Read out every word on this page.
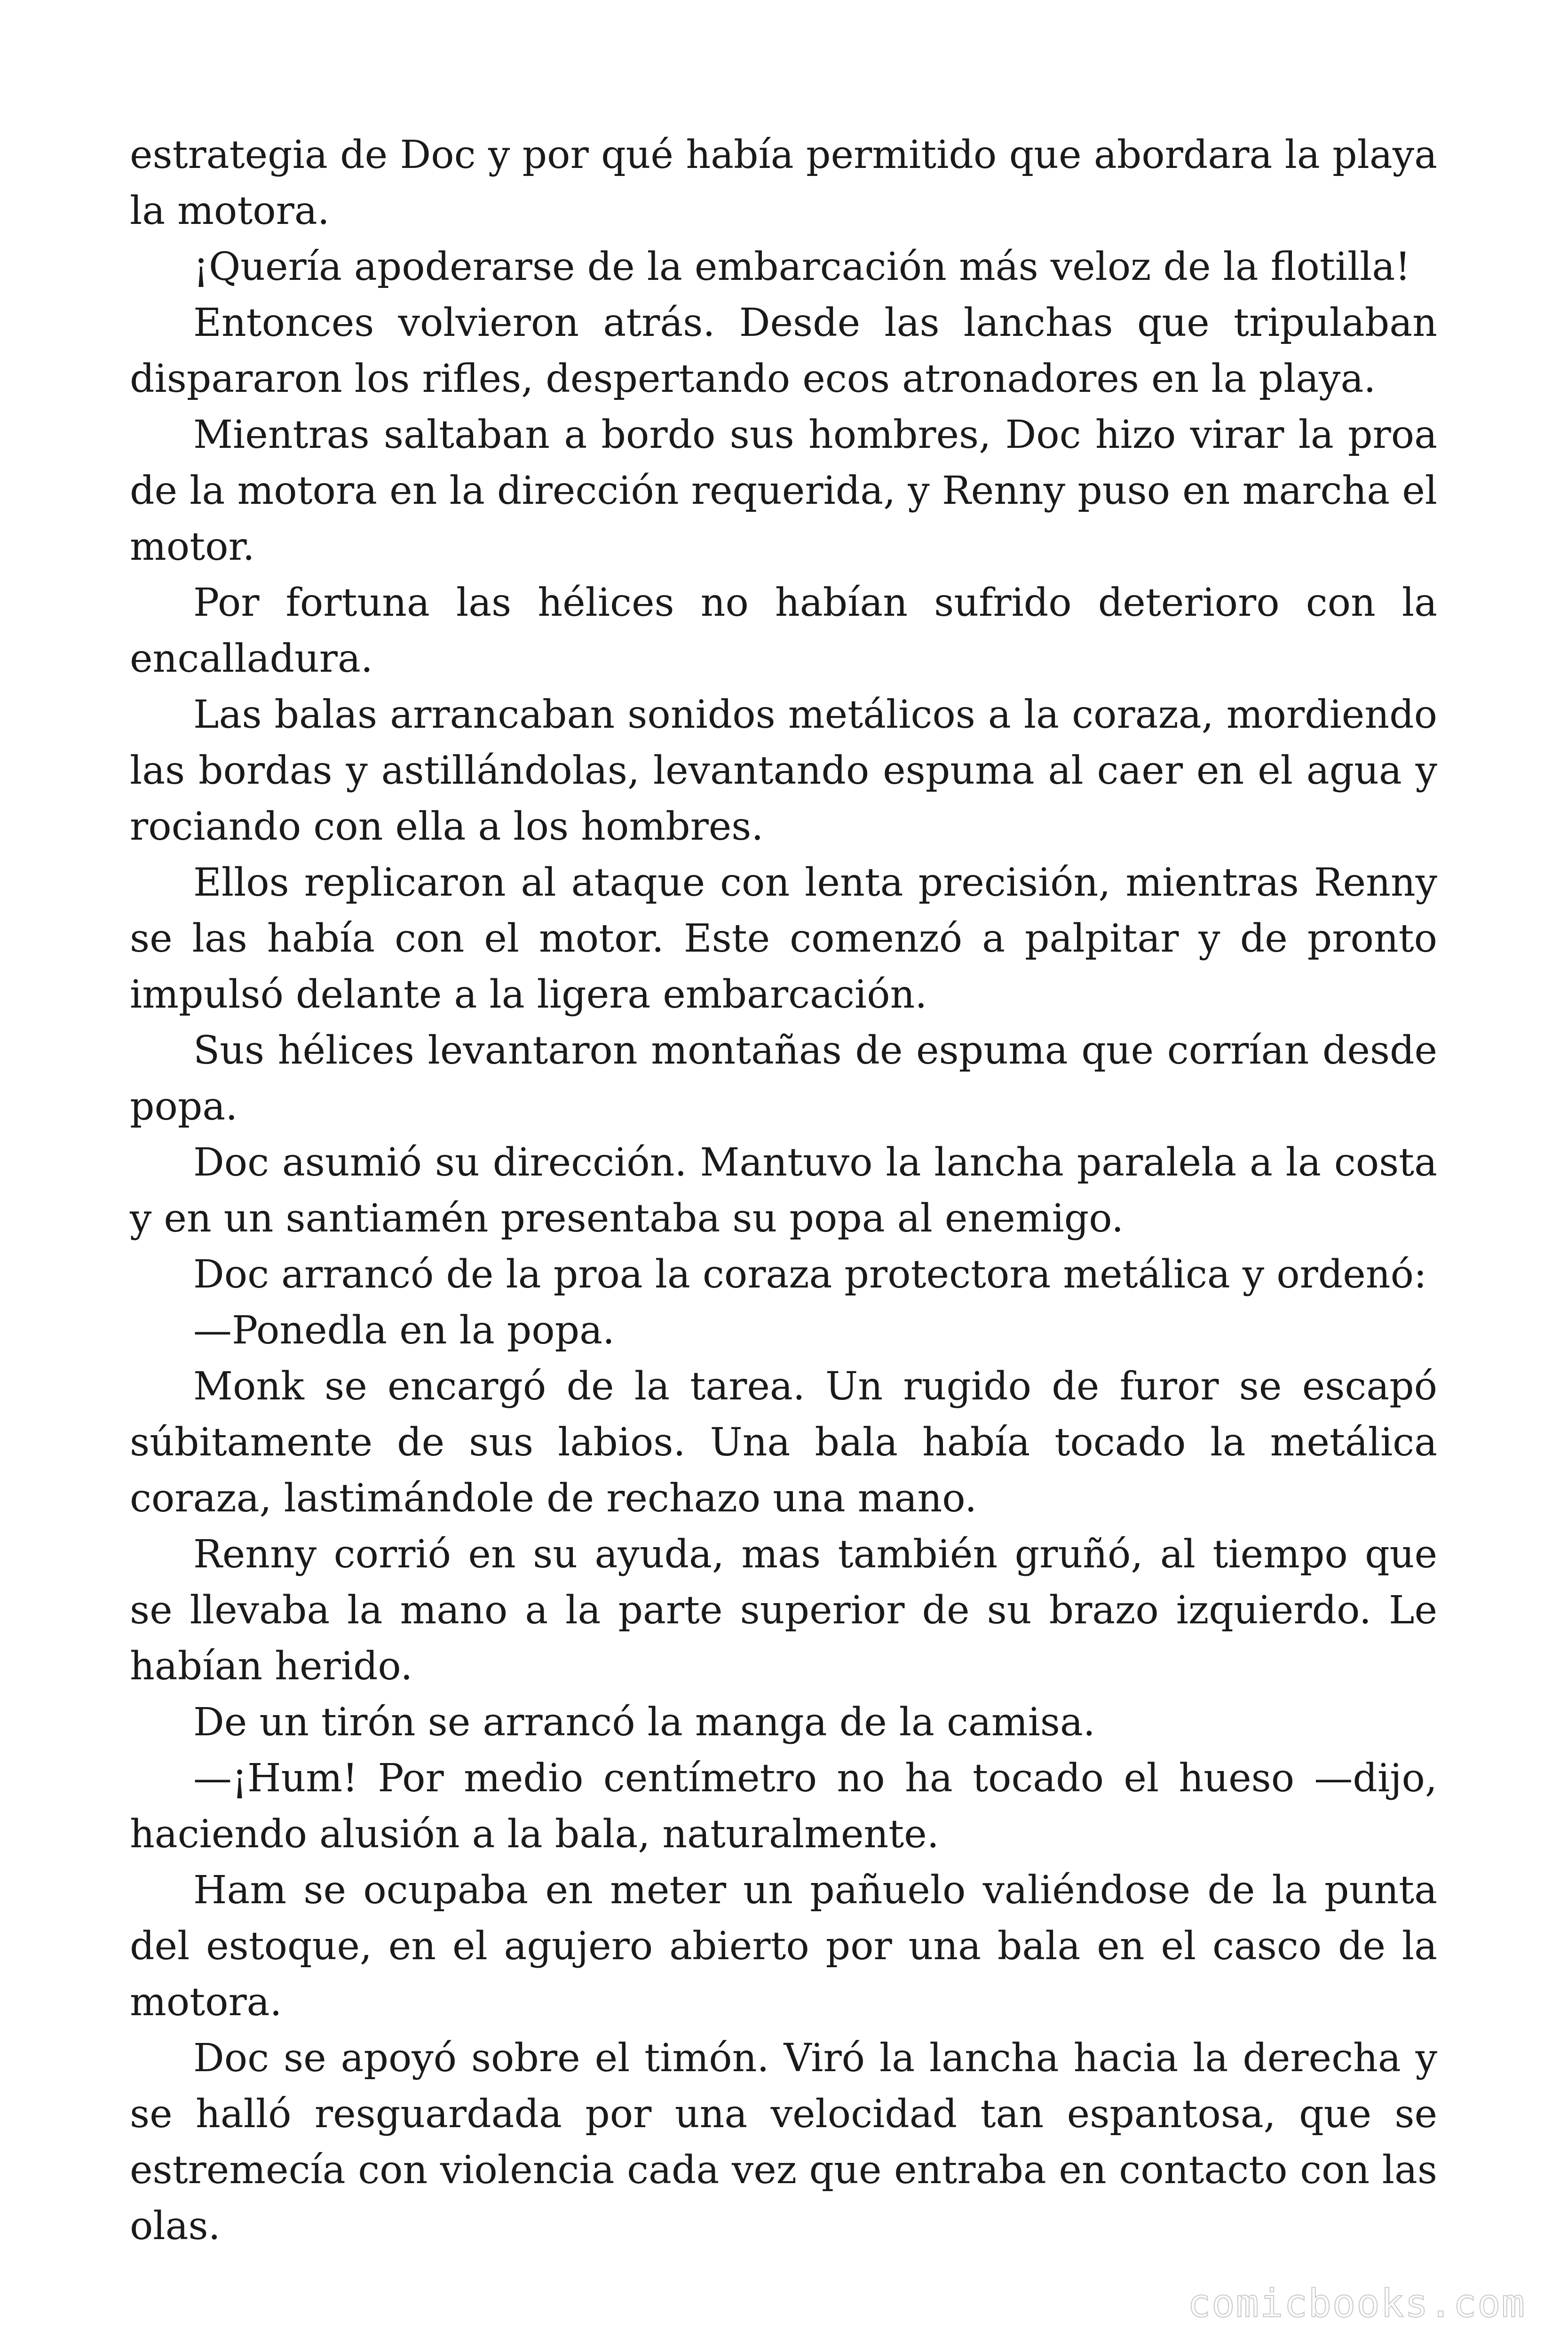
estrategia de Doc y por qué había permitido que abordara la playa la motora.

¡Quería apoderarse de la embarcación más veloz de la flotilla!

Entonces volvieron atrás. Desde las lanchas que tripulaban dispararon los rifles, despertando ecos atronadores en la playa.

Mientras saltaban a bordo sus hombres, Doc hizo virar la proa de la motora en la dirección requerida, y Renny puso en marcha el motor.

Por fortuna las hélices no habían sufrido deterioro con la encalladura.

Las balas arrancaban sonidos metálicos a la coraza, mordiendo las bordas y astillándolas, levantando espuma al caer en el agua y rociando con ella a los hombres.

Ellos replicaron al ataque con lenta precisión, mientras Renny se las había con el motor. Este comenzó a palpitar y de pronto impulsó delante a la ligera embarcación.

Sus hélices levantaron montañas de espuma que corrían desde popa.

Doc asumió su dirección. Mantuvo la lancha paralela a la costa y en un santiamén presentaba su popa al enemigo.

Doc arrancó de la proa la coraza protectora metálica y ordenó:

—Ponedla en la popa.

Monk se encargó de la tarea. Un rugido de furor se escapó súbitamente de sus labios. Una bala había tocado la metálica coraza, lastimándole de rechazo una mano.

Renny corrió en su ayuda, mas también gruñó, al tiempo que se llevaba la mano a la parte superior de su brazo izquierdo. Le habían herido.

De un tirón se arrancó la manga de la camisa.

—¡Hum! Por medio centímetro no ha tocado el hueso —dijo, haciendo alusión a la bala, naturalmente.

Ham se ocupaba en meter un pañuelo valiéndose de la punta del estoque, en el agujero abierto por una bala en el casco de la motora.

Doc se apoyó sobre el timón. Viró la lancha hacia la derecha y se halló resguardada por una velocidad tan espantosa, que se estremecía con violencia cada vez que entraba en contacto con las olas.

comicbooks.com
